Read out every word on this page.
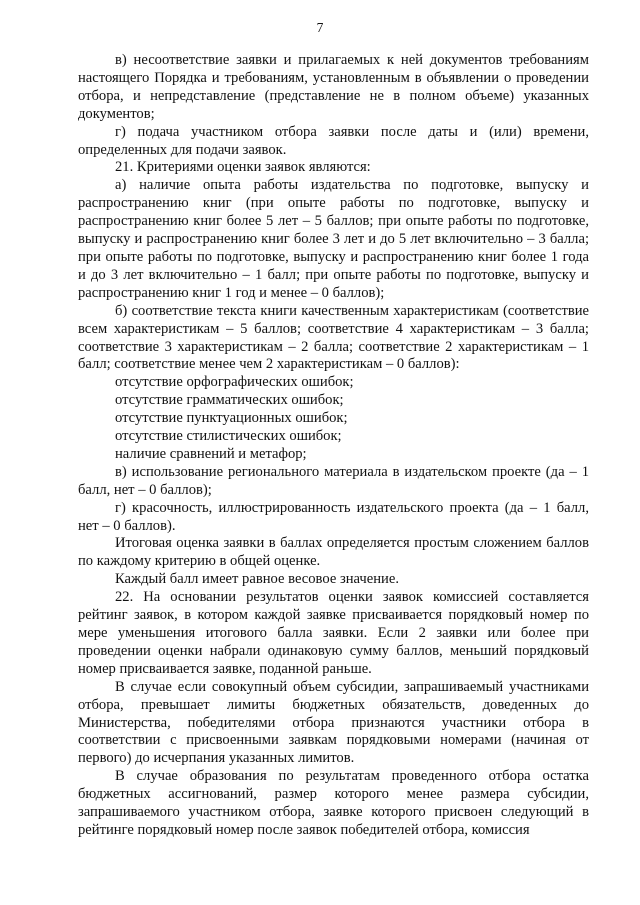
7

в) несоответствие заявки и прилагаемых к ней документов требованиям настоящего Порядка и требованиям, установленным в объявлении о проведении отбора, и непредставление (представление не в полном объеме) указанных документов;

г) подача участником отбора заявки после даты и (или) времени, определенных для подачи заявок.

21. Критериями оценки заявок являются:

а) наличие опыта работы издательства по подготовке, выпуску и распространению книг (при опыте работы по подготовке, выпуску и распространению книг более 5 лет – 5 баллов; при опыте работы по подготовке, выпуску и распространению книг более 3 лет и до 5 лет включительно – 3 балла; при опыте работы по подготовке, выпуску и распространению книг более 1 года и до 3 лет включительно – 1 балл; при опыте работы по подготовке, выпуску и распространению книг 1 год и менее – 0 баллов);

б) соответствие текста книги качественным характеристикам (соответствие всем характеристикам – 5 баллов; соответствие 4 характеристикам – 3 балла; соответствие 3 характеристикам – 2 балла; соответствие 2 характеристикам – 1 балл; соответствие менее чем 2 характеристикам – 0 баллов):

отсутствие орфографических ошибок;

отсутствие грамматических ошибок;

отсутствие пунктуационных ошибок;

отсутствие стилистических ошибок;

наличие сравнений и метафор;

в) использование регионального материала в издательском проекте (да – 1 балл, нет – 0 баллов);

г) красочность, иллюстрированность издательского проекта (да – 1 балл, нет – 0 баллов).

Итоговая оценка заявки в баллах определяется простым сложением баллов по каждому критерию в общей оценке.

Каждый балл имеет равное весовое значение.

22. На основании результатов оценки заявок комиссией составляется рейтинг заявок, в котором каждой заявке присваивается порядковый номер по мере уменьшения итогового балла заявки. Если 2 заявки или более при проведении оценки набрали одинаковую сумму баллов, меньший порядковый номер присваивается заявке, поданной раньше.

В случае если совокупный объем субсидии, запрашиваемый участниками отбора, превышает лимиты бюджетных обязательств, доведенных до Министерства, победителями отбора признаются участники отбора в соответствии с присвоенными заявкам порядковыми номерами (начиная от первого) до исчерпания указанных лимитов.

В случае образования по результатам проведенного отбора остатка бюджетных ассигнований, размер которого менее размера субсидии, запрашиваемого участником отбора, заявке которого присвоен следующий в рейтинге порядковый номер после заявок победителей отбора, комиссия
